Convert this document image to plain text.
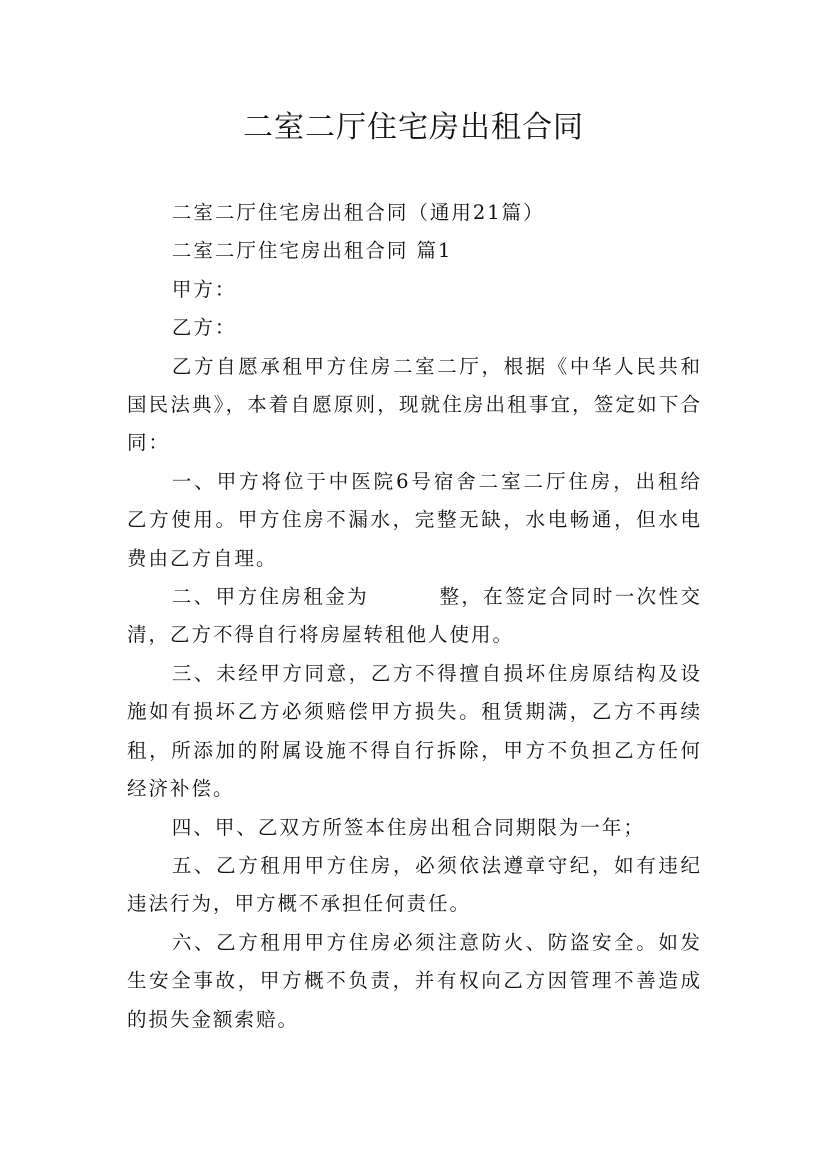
二室二厅住宅房出租合同

二室二厅住宅房出租合同（通用21篇）

二室二厅住宅房出租合同 篇1

甲方：

乙方：

乙方自愿承租甲方住房二室二厅，根据《中华人民共和国民法典》，本着自愿原则，现就住房出租事宜，签定如下合同：

一、甲方将位于中医院6号宿舍二室二厅住房，出租给乙方使用。甲方住房不漏水，完整无缺，水电畅通，但水电费由乙方自理。

二、甲方住房租金为	整，在签定合同时一次性交清，乙方不得自行将房屋转租他人使用。

三、未经甲方同意，乙方不得擅自损坏住房原结构及设施如有损坏乙方必须赔偿甲方损失。租赁期满，乙方不再续租，所添加的附属设施不得自行拆除，甲方不负担乙方任何经济补偿。

四、甲、乙双方所签本住房出租合同期限为一年；

五、乙方租用甲方住房，必须依法遵章守纪，如有违纪违法行为，甲方概不承担任何责任。

六、乙方租用甲方住房必须注意防火、防盗安全。如发生安全事故，甲方概不负责，并有权向乙方因管理不善造成的损失金额索赔。
